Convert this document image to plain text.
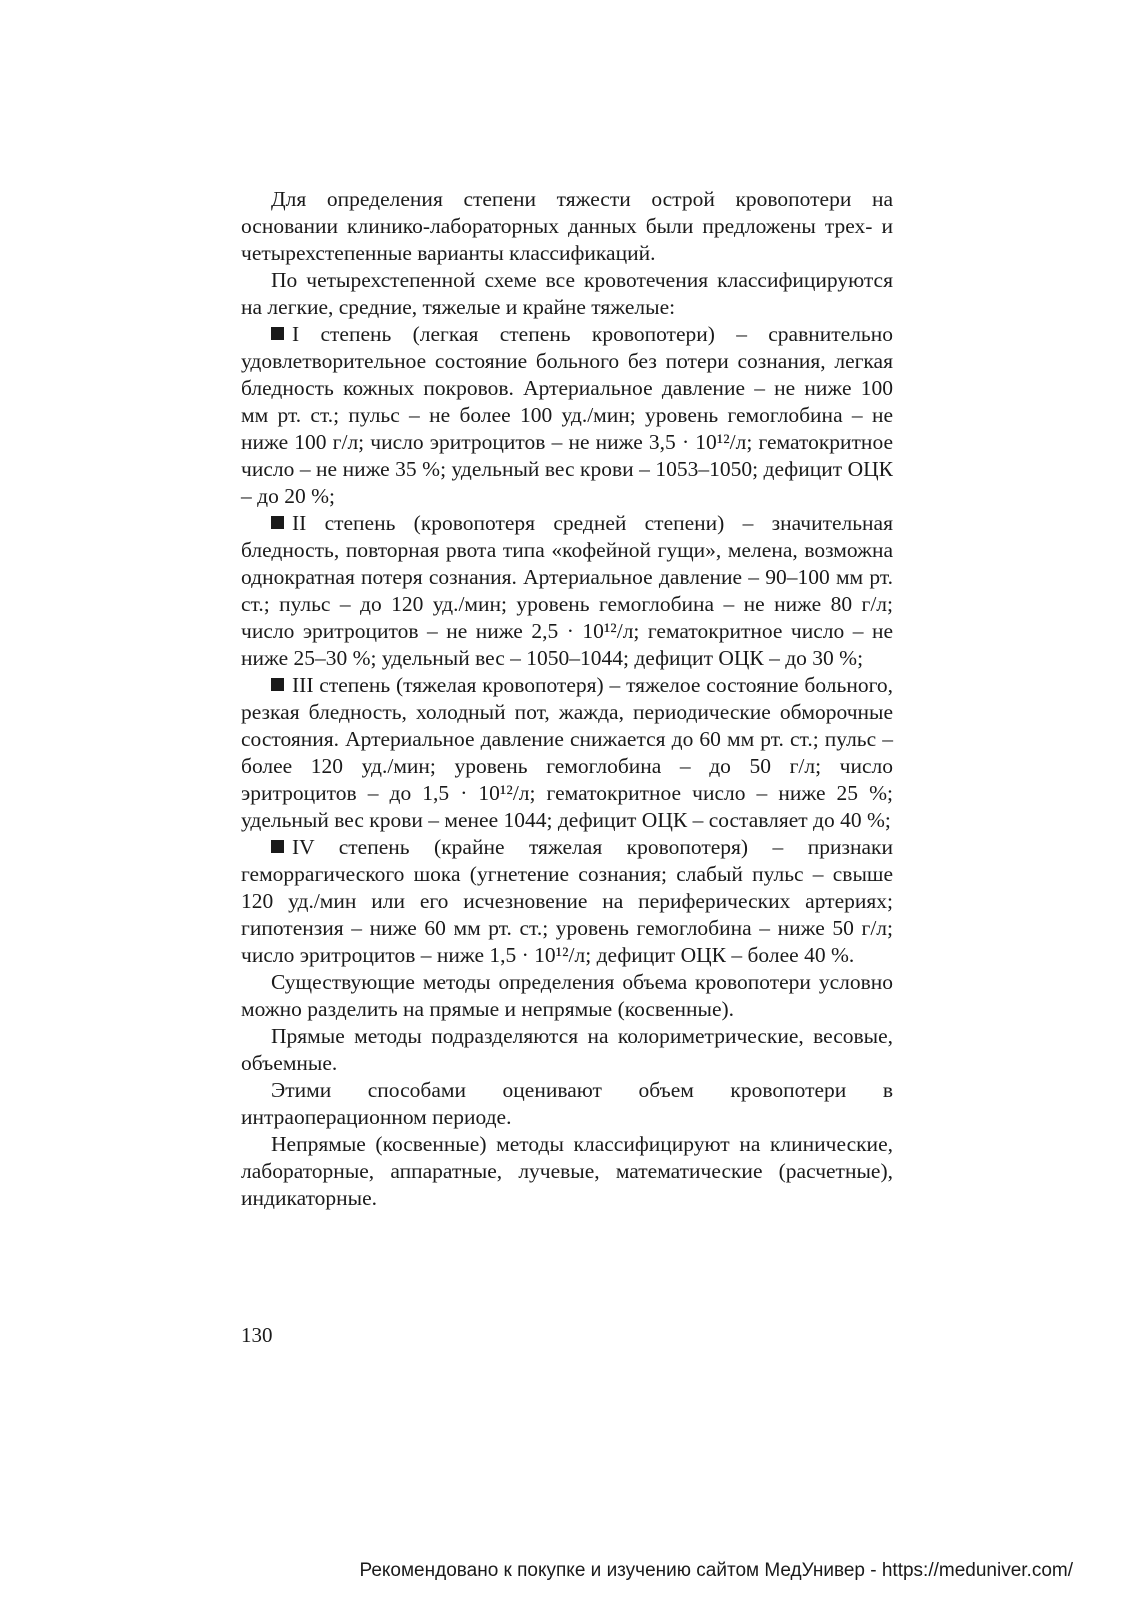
Для определения степени тяжести острой кровопотери на основании клинико-лабораторных данных были предложены трех- и четырехстепенные варианты классификаций.

По четырехстепенной схеме все кровотечения классифицируются на легкие, средние, тяжелые и крайне тяжелые:

I степень (легкая степень кровопотери) – сравнительно удовлетворительное состояние больного без потери сознания, легкая бледность кожных покровов. Артериальное давление – не ниже 100 мм рт. ст.; пульс – не более 100 уд./мин; уровень гемоглобина – не ниже 100 г/л; число эритроцитов – не ниже 3,5 · 10¹²/л; гематокритное число – не ниже 35 %; удельный вес крови – 1053–1050; дефицит ОЦК – до 20 %;

II степень (кровопотеря средней степени) – значительная бледность, повторная рвота типа «кофейной гущи», мелена, возможна однократная потеря сознания. Артериальное давление – 90–100 мм рт. ст.; пульс – до 120 уд./мин; уровень гемоглобина – не ниже 80 г/л; число эритроцитов – не ниже 2,5 · 10¹²/л; гематокритное число – не ниже 25–30 %; удельный вес – 1050–1044; дефицит ОЦК – до 30 %;

III степень (тяжелая кровопотеря) – тяжелое состояние больного, резкая бледность, холодный пот, жажда, периодические обморочные состояния. Артериальное давление снижается до 60 мм рт. ст.; пульс – более 120 уд./мин; уровень гемоглобина – до 50 г/л; число эритроцитов – до 1,5 · 10¹²/л; гематокритное число – ниже 25 %; удельный вес крови – менее 1044; дефицит ОЦК – составляет до 40 %;

IV степень (крайне тяжелая кровопотеря) – признаки геморрагического шока (угнетение сознания; слабый пульс – свыше 120 уд./мин или его исчезновение на периферических артериях; гипотензия – ниже 60 мм рт. ст.; уровень гемоглобина – ниже 50 г/л; число эритроцитов – ниже 1,5 · 10¹²/л; дефицит ОЦК – более 40 %.

Существующие методы определения объема кровопотери условно можно разделить на прямые и непрямые (косвенные).

Прямые методы подразделяются на колориметрические, весовые, объемные.

Этими способами оценивают объем кровопотери в интраоперационном периоде.

Непрямые (косвенные) методы классифицируют на клинические, лабораторные, аппаратные, лучевые, математические (расчетные), индикаторные.

130
Рекомендовано к покупке и изучению сайтом МедУнивер - https://meduniver.com/
